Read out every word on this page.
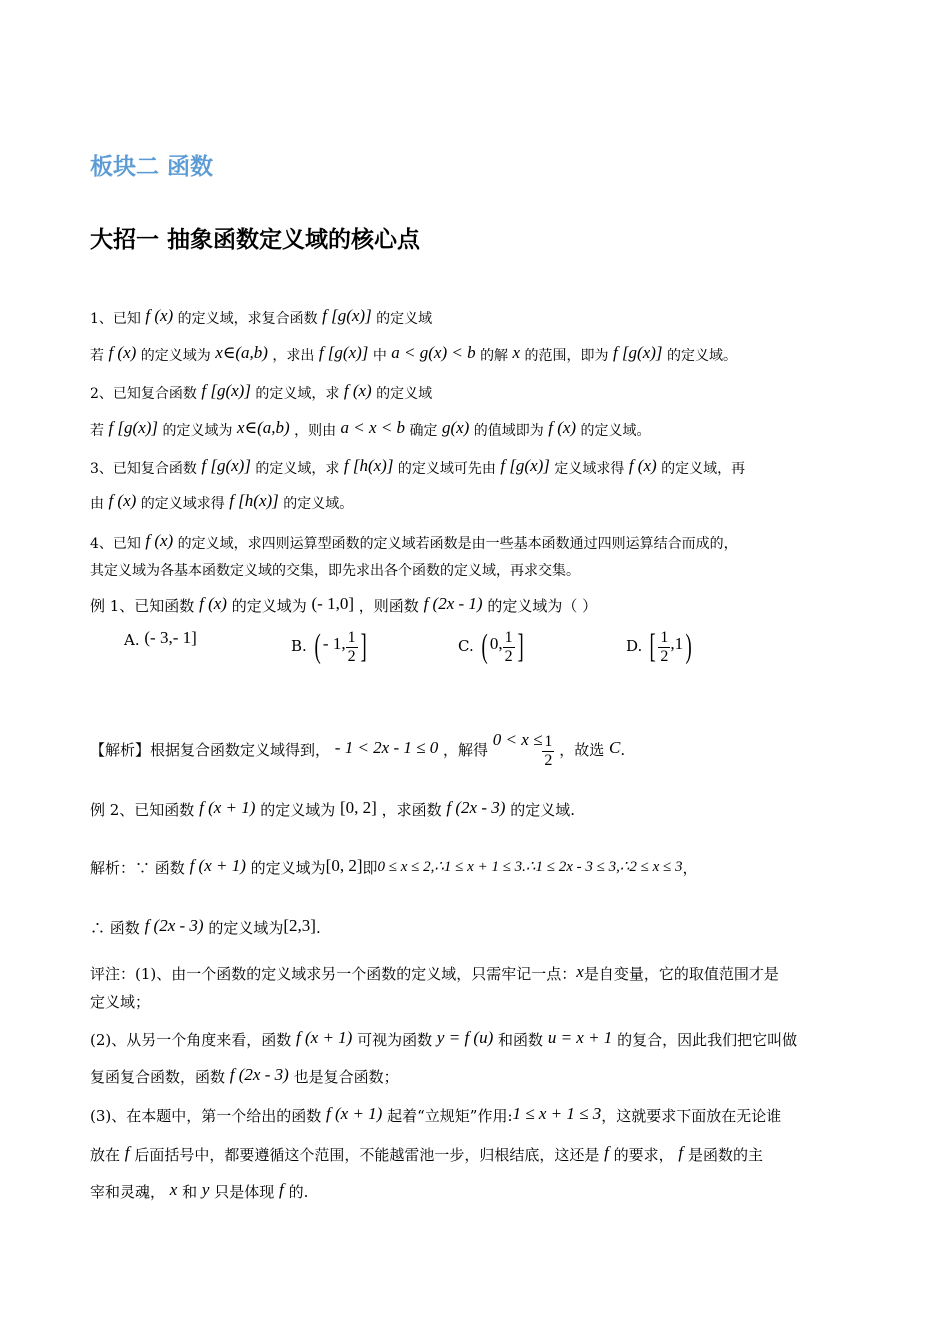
板块二 函数
大招一 抽象函数定义域的核心点
1、已知 f (x) 的定义域，求复合函数 f [g(x)] 的定义域
若 f (x) 的定义域为 x∈(a,b) ，求出 f [g(x)] 中 a < g(x) < b 的解 x 的范围，即为 f [g(x)] 的定义域。
2、已知复合函数 f [g(x)] 的定义域，求 f (x) 的定义域
若 f [g(x)] 的定义域为 x∈(a,b) ，则由 a < x < b 确定 g(x) 的值域即为 f (x) 的定义域。
3、已知复合函数 f [g(x)] 的定义域，求 f [h(x)] 的定义域可先由 f [g(x)] 定义域求得 f (x) 的定义域，再
由 f (x) 的定义域求得 f [h(x)] 的定义域。
4、已知 f (x) 的定义域，求四则运算型函数的定义域若函数是由一些基本函数通过四则运算结合而成的，
其定义域为各基本函数定义域的交集，即先求出各个函数的定义域，再求交集。
例 1、已知函数 f (x) 的定义域为 (- 1,0] ，则函数 f (2x - 1) 的定义域为（ ）
A. (- 3,- 1]	B. ( - 1, $\frac{1}{2}$ ]	C. ( 0, $\frac{1}{2}$ ]	D. [ $\frac{1}{2} ,1$)
【解析】根据复合函数定义域得到， - 1 < 2x - 1 ≤ 0 ，解得 $0 < x \le \frac{1}{2}$ ，故选 C.
例 2、已知函数 f (x + 1) 的定义域为 [0, 2] ，求函数 f (2x - 3) 的定义域.
解析：∵ 函数 f (x + 1) 的定义域为[0, 2]即0 ≤ x ≤ 2,∴1 ≤ x + 1 ≤ 3.∴1 ≤ 2x - 3 ≤ 3,∴2 ≤ x ≤ 3，
∴ 函数 f (2x - 3) 的定义域为[2,3].
评注：(1)、由一个函数的定义域求另一个函数的定义域，只需牢记一点：x是自变量，它的取值范围才是
定义域；
(2)、从另一个角度来看，函数 f (x + 1) 可视为函数 y = f (u) 和函数 u = x + 1 的复合，因此我们把它叫做
复函复合函数，函数 f (2x - 3) 也是复合函数；
(3)、在本题中，第一个给出的函数 f (x + 1) 起着“立规矩”作用:1 ≤ x + 1 ≤ 3，这就要求下面放在无论谁
放在 f 后面括号中，都要遵循这个范围，不能越雷池一步，归根结底，这还是 f 的要求， f 是函数的主
宰和灵魂， x 和 y 只是体现 f 的.
